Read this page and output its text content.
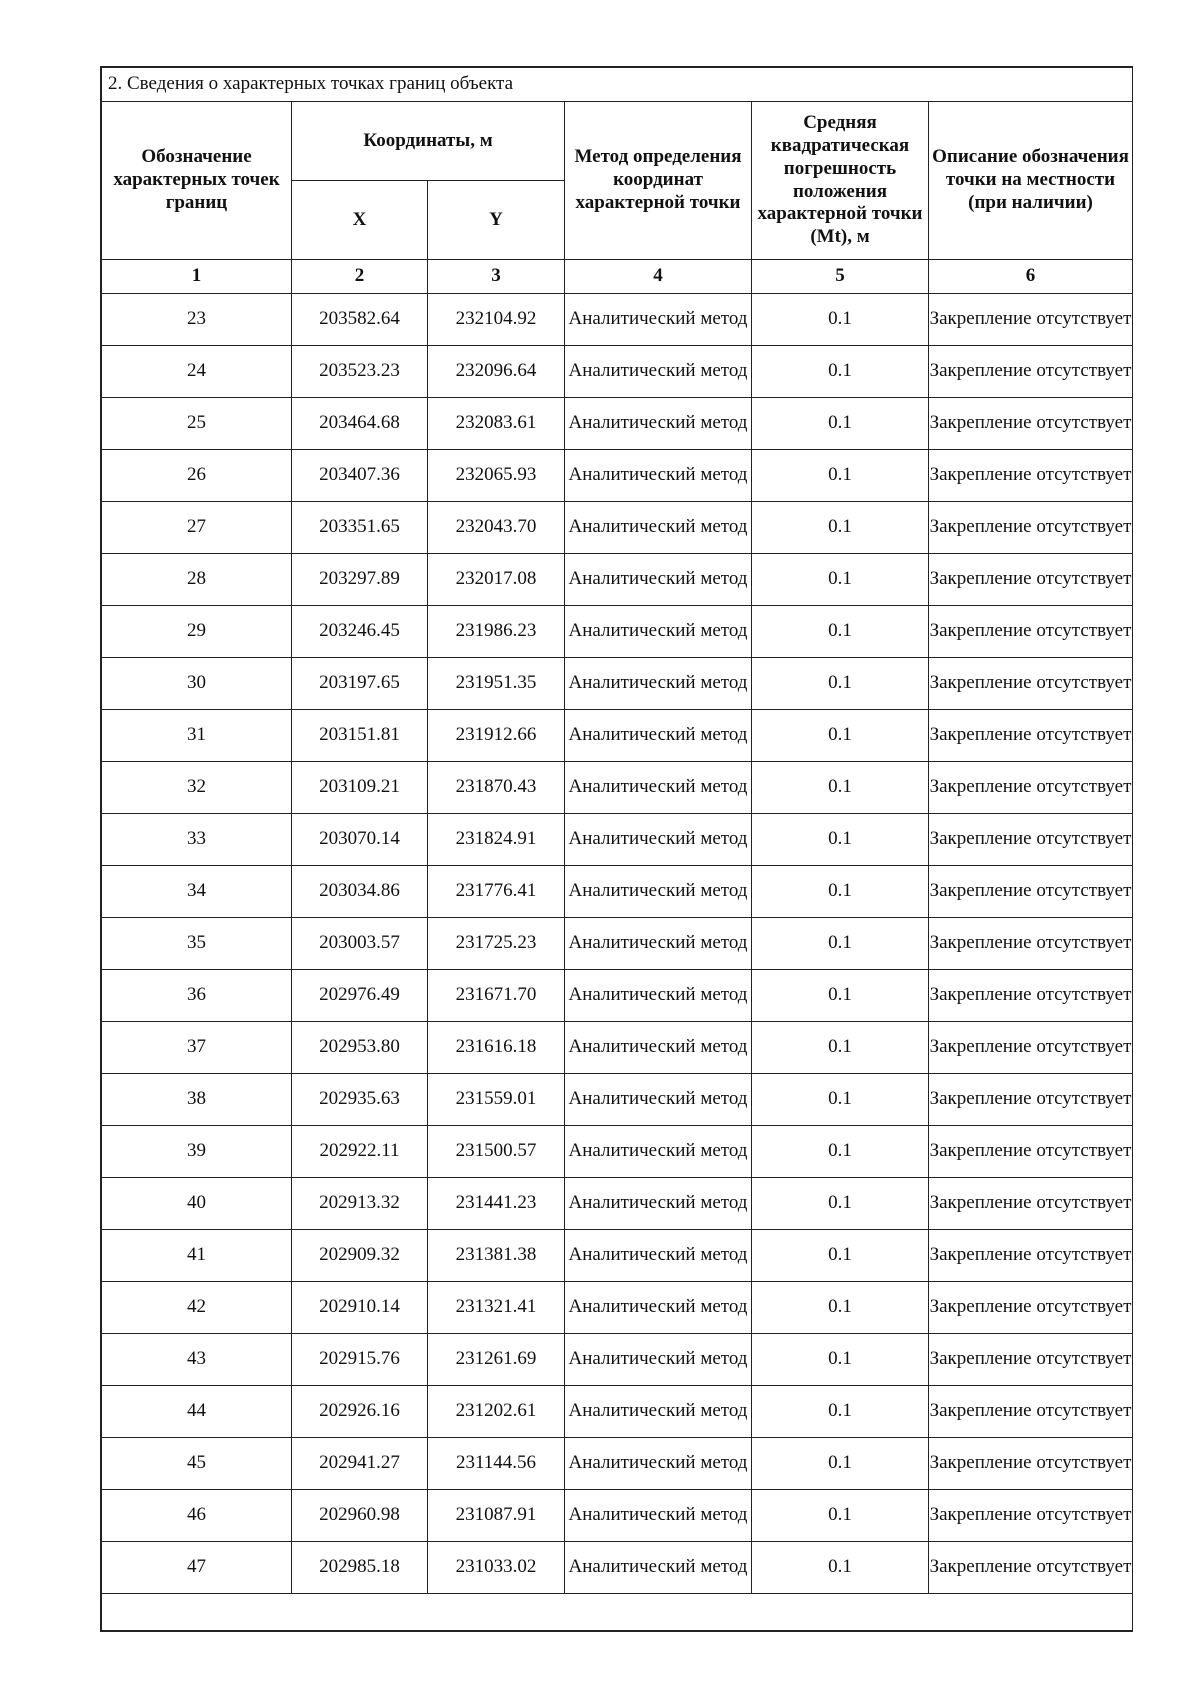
2. Сведения о характерных точках границ объекта					
Обозначение характерных точек границ	Координаты, м		Метод определения координат характерной точки	Средняя квадратическая погрешность положения характерной точки (Mt), м	Описание обозначения точки на местности (при наличии)
	X	Y			
1	2	3	4	5	6
23	203582.64	232104.92	Аналитический метод	0.1	Закрепление отсутствует
24	203523.23	232096.64	Аналитический метод	0.1	Закрепление отсутствует
25	203464.68	232083.61	Аналитический метод	0.1	Закрепление отсутствует
26	203407.36	232065.93	Аналитический метод	0.1	Закрепление отсутствует
27	203351.65	232043.70	Аналитический метод	0.1	Закрепление отсутствует
28	203297.89	232017.08	Аналитический метод	0.1	Закрепление отсутствует
29	203246.45	231986.23	Аналитический метод	0.1	Закрепление отсутствует
30	203197.65	231951.35	Аналитический метод	0.1	Закрепление отсутствует
31	203151.81	231912.66	Аналитический метод	0.1	Закрепление отсутствует
32	203109.21	231870.43	Аналитический метод	0.1	Закрепление отсутствует
33	203070.14	231824.91	Аналитический метод	0.1	Закрепление отсутствует
34	203034.86	231776.41	Аналитический метод	0.1	Закрепление отсутствует
35	203003.57	231725.23	Аналитический метод	0.1	Закрепление отсутствует
36	202976.49	231671.70	Аналитический метод	0.1	Закрепление отсутствует
37	202953.80	231616.18	Аналитический метод	0.1	Закрепление отсутствует
38	202935.63	231559.01	Аналитический метод	0.1	Закрепление отсутствует
39	202922.11	231500.57	Аналитический метод	0.1	Закрепление отсутствует
40	202913.32	231441.23	Аналитический метод	0.1	Закрепление отсутствует
41	202909.32	231381.38	Аналитический метод	0.1	Закрепление отсутствует
42	202910.14	231321.41	Аналитический метод	0.1	Закрепление отсутствует
43	202915.76	231261.69	Аналитический метод	0.1	Закрепление отсутствует
44	202926.16	231202.61	Аналитический метод	0.1	Закрепление отсутствует
45	202941.27	231144.56	Аналитический метод	0.1	Закрепление отсутствует
46	202960.98	231087.91	Аналитический метод	0.1	Закрепление отсутствует
47	202985.18	231033.02	Аналитический метод	0.1	Закрепление отсутствует
